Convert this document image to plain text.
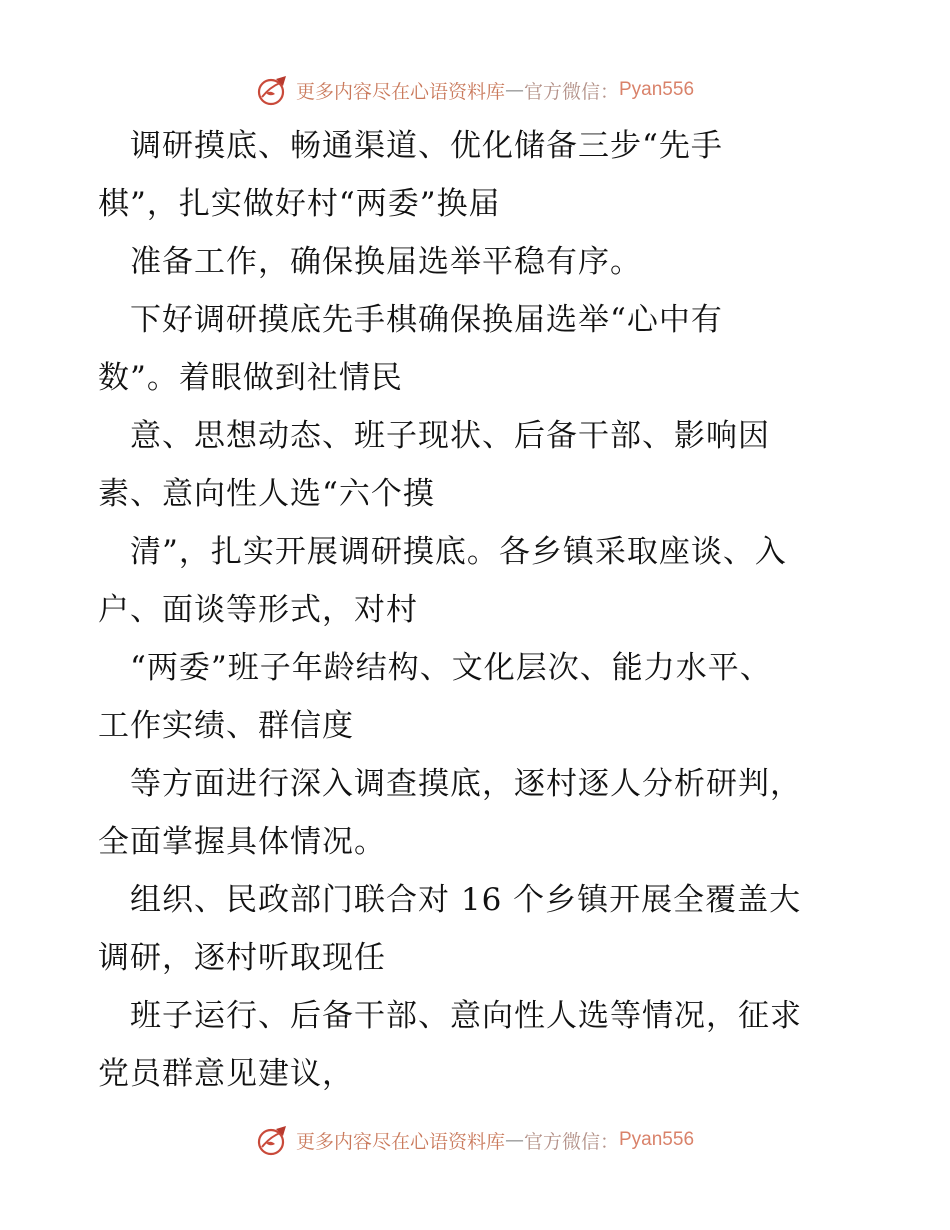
更多内容尽在心语资料库 — 官方微信： Pyan556
　调研摸底、畅通渠道、优化储备三步“先手
棋”，扎实做好村“两委”换届
　准备工作，确保换届选举平稳有序。
　下好调研摸底先手棋确保换届选举“心中有
数”。着眼做到社情民
　意、思想动态、班子现状、后备干部、影响因
素、意向性人选“六个摸
　清”，扎实开展调研摸底。各乡镇采取座谈、入
户、面谈等形式，对村
　“两委”班子年龄结构、文化层次、能力水平、
工作实绩、群信度
　等方面进行深入调查摸底，逐村逐人分析研判，
全面掌握具体情况。
　组织、民政部门联合对 16 个乡镇开展全覆盖大
调研，逐村听取现任
　班子运行、后备干部、意向性人选等情况，征求
党员群意见建议，
更多内容尽在心语资料库 — 官方微信： Pyan556
